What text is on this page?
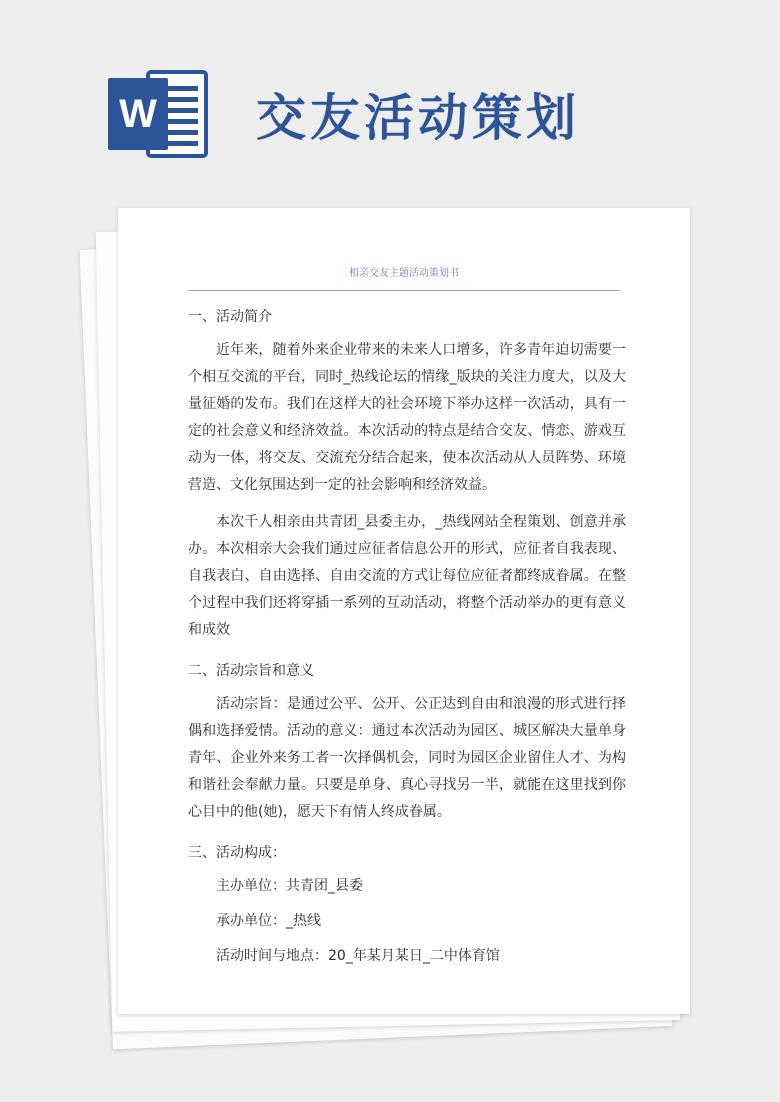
W 交友活动策划
相亲交友主题活动策划书
一、活动简介

近年来，随着外来企业带来的未来人口增多，许多青年迫切需要一个相互交流的平台，同时_热线论坛的情缘_版块的关注力度大，以及大量征婚的发布。我们在这样大的社会环境下举办这样一次活动，具有一定的社会意义和经济效益。本次活动的特点是结合交友、情恋、游戏互动为一体，将交友、交流充分结合起来，使本次活动从人员阵势、环境营造、文化氛围达到一定的社会影响和经济效益。

本次千人相亲由共青团_县委主办，_热线网站全程策划、创意并承办。本次相亲大会我们通过应征者信息公开的形式，应征者自我表现、自我表白、自由选择、自由交流的方式让每位应征者都终成眷属。在整个过程中我们还将穿插一系列的互动活动，将整个活动举办的更有意义和成效

二、活动宗旨和意义

活动宗旨：是通过公平、公开、公正达到自由和浪漫的形式进行择偶和选择爱情。活动的意义：通过本次活动为园区、城区解决大量单身青年、企业外来务工者一次择偶机会，同时为园区企业留住人才、为构和谐社会奉献力量。只要是单身、真心寻找另一半，就能在这里找到你心目中的他(她)，愿天下有情人终成眷属。

三、活动构成：

主办单位：共青团_县委

承办单位：_热线

活动时间与地点：20_年某月某日_二中体育馆
